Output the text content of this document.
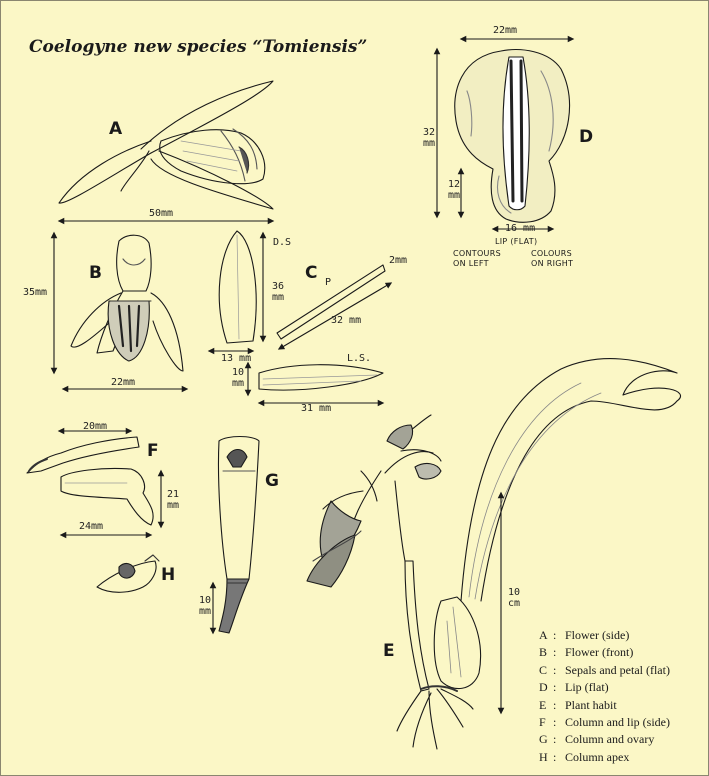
Coelogyne new species “Tomiensis”
A
B	C
D
E
F
G
H
50mm
35mm
22mm
D.S
36 mm
13 mm
P
2mm
32 mm
L.S.
10 mm
31 mm
22mm
32 mm
12 mm
16 mm
20mm
21 mm
24mm
10 mm
10 cm
LIP (FLAT)
CONTOURS
ON LEFT
COLOURS
ON RIGHT
A : Flower (side)
B : Flower (front)
C : Sepals and petal (flat)
D : Lip (flat)
E : Plant habit
F : Column and lip (side)
G : Column and ovary
H : Column apex
